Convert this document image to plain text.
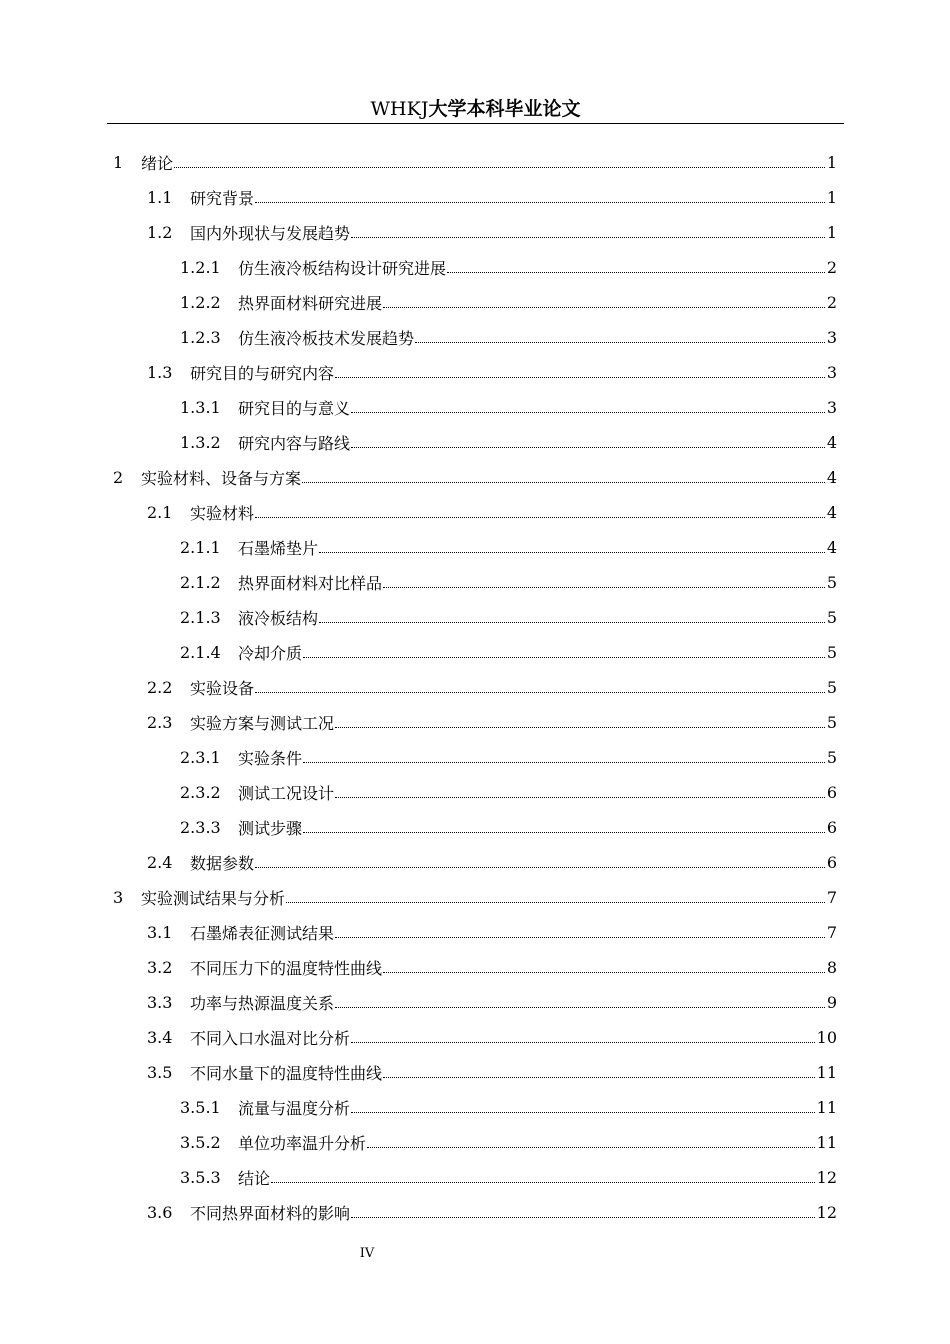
WHKJ大学本科毕业论文
1	绪论	1
1.1	研究背景	1
1.2	国内外现状与发展趋势	1
1.2.1	仿生液冷板结构设计研究进展	2
1.2.2	热界面材料研究进展	2
1.2.3	仿生液冷板技术发展趋势	3
1.3	研究目的与研究内容	3
1.3.1	研究目的与意义	3
1.3.2	研究内容与路线	4
2	实验材料、设备与方案	4
2.1	实验材料	4
2.1.1	石墨烯垫片	4
2.1.2	热界面材料对比样品	5
2.1.3	液冷板结构	5
2.1.4	冷却介质	5
2.2	实验设备	5
2.3	实验方案与测试工况	5
2.3.1	实验条件	5
2.3.2	测试工况设计	6
2.3.3	测试步骤	6
2.4	数据参数	6
3	实验测试结果与分析	7
3.1	石墨烯表征测试结果	7
3.2	不同压力下的温度特性曲线	8
3.3	功率与热源温度关系	9
3.4	不同入口水温对比分析	10
3.5	不同水量下的温度特性曲线	11
3.5.1	流量与温度分析	11
3.5.2	单位功率温升分析	11
3.5.3	结论	12
3.6	不同热界面材料的影响	12
IV
